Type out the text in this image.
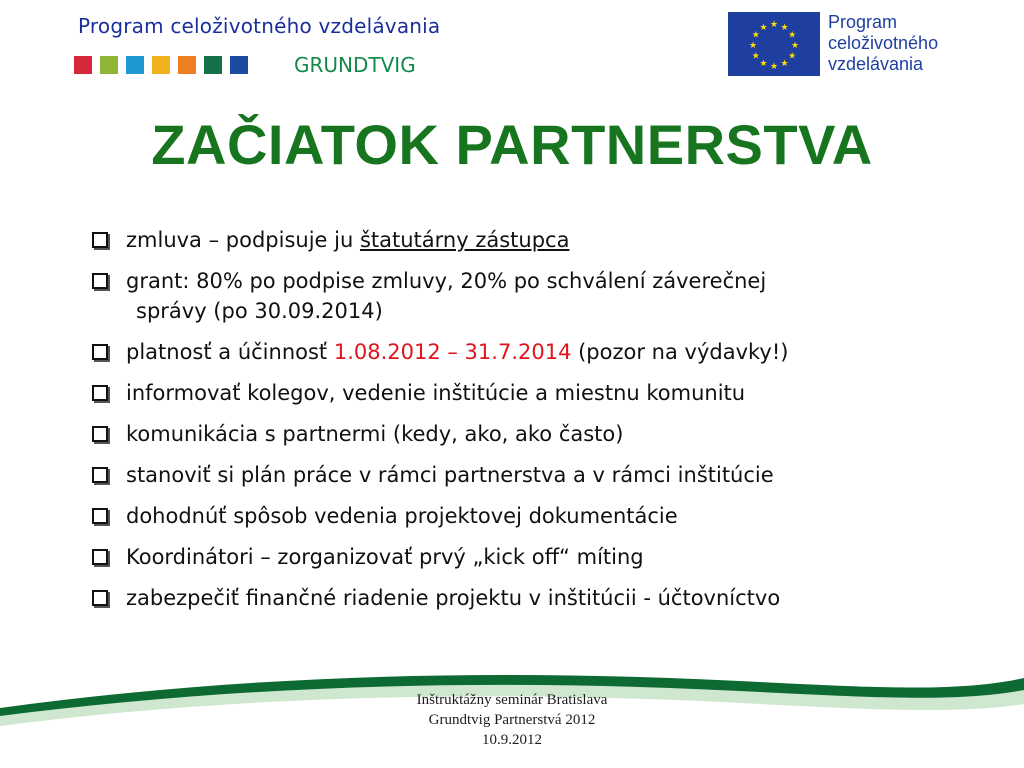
Program celoživotného vzdelávania
GRUNDTVIG
★ ★
★
★
★
★
★
★
★
★
★
★	Program
celoživotného
vzdelávania
ZAČIATOK PARTNERSTVA
zmluva – podpisuje ju štatutárny zástupca
grant: 80% po podpise zmluvy, 20% po schválení záverečnej
správy (po 30.09.2014)
platnosť a účinnosť 1.08.2012 – 31.7.2014 (pozor na výdavky!)
informovať kolegov, vedenie inštitúcie a miestnu komunitu
komunikácia s partnermi (kedy, ako, ako často)
stanoviť si plán práce v rámci partnerstva a v rámci inštitúcie
dohodnúť spôsob vedenia projektovej dokumentácie
Koordinátori – zorganizovať prvý „kick off“ míting
zabezpečiť finančné riadenie projektu v inštitúcii - účtovníctvo
Inštruktážny seminár Bratislava
Grundtvig Partnerstvá 2012
10.9.2012
